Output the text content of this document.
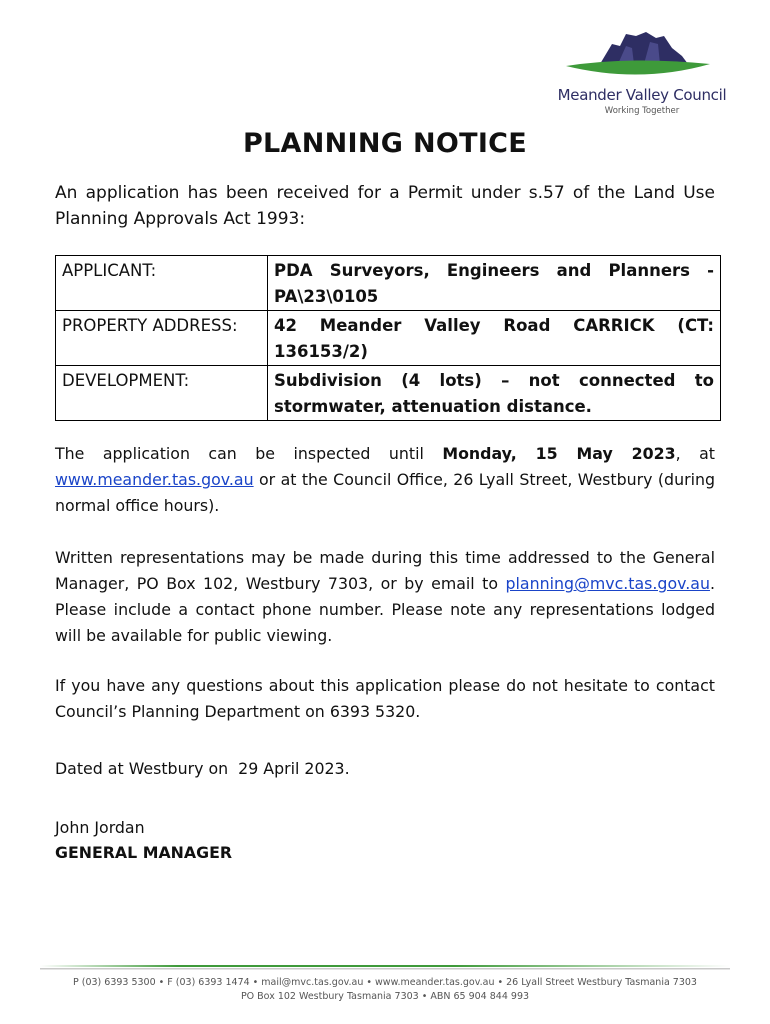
Meander Valley Council
Working Together
PLANNING NOTICE
An application has been received for a Permit under s.57 of the Land Use Planning Approvals Act 1993:
APPLICANT:	PDA Surveyors, Engineers and Planners - PA\23\0105
PROPERTY ADDRESS:	42 Meander Valley Road CARRICK (CT: 136153/2)
DEVELOPMENT:	Subdivision (4 lots) – not connected to stormwater, attenuation distance.
The application can be inspected until Monday, 15 May 2023, at www.meander.tas.gov.au or at the Council Office, 26 Lyall Street, Westbury (during normal office hours).
Written representations may be made during this time addressed to the General Manager, PO Box 102, Westbury 7303, or by email to planning@mvc.tas.gov.au. Please include a contact phone number. Please note any representations lodged will be available for public viewing.
If you have any questions about this application please do not hesitate to contact Council’s Planning Department on 6393 5320.
Dated at Westbury on  29 April 2023.
John Jordan
GENERAL MANAGER
P (03) 6393 5300 • F (03) 6393 1474 • mail@mvc.tas.gov.au • www.meander.tas.gov.au • 26 Lyall Street Westbury Tasmania 7303
PO Box 102 Westbury Tasmania 7303 • ABN 65 904 844 993
